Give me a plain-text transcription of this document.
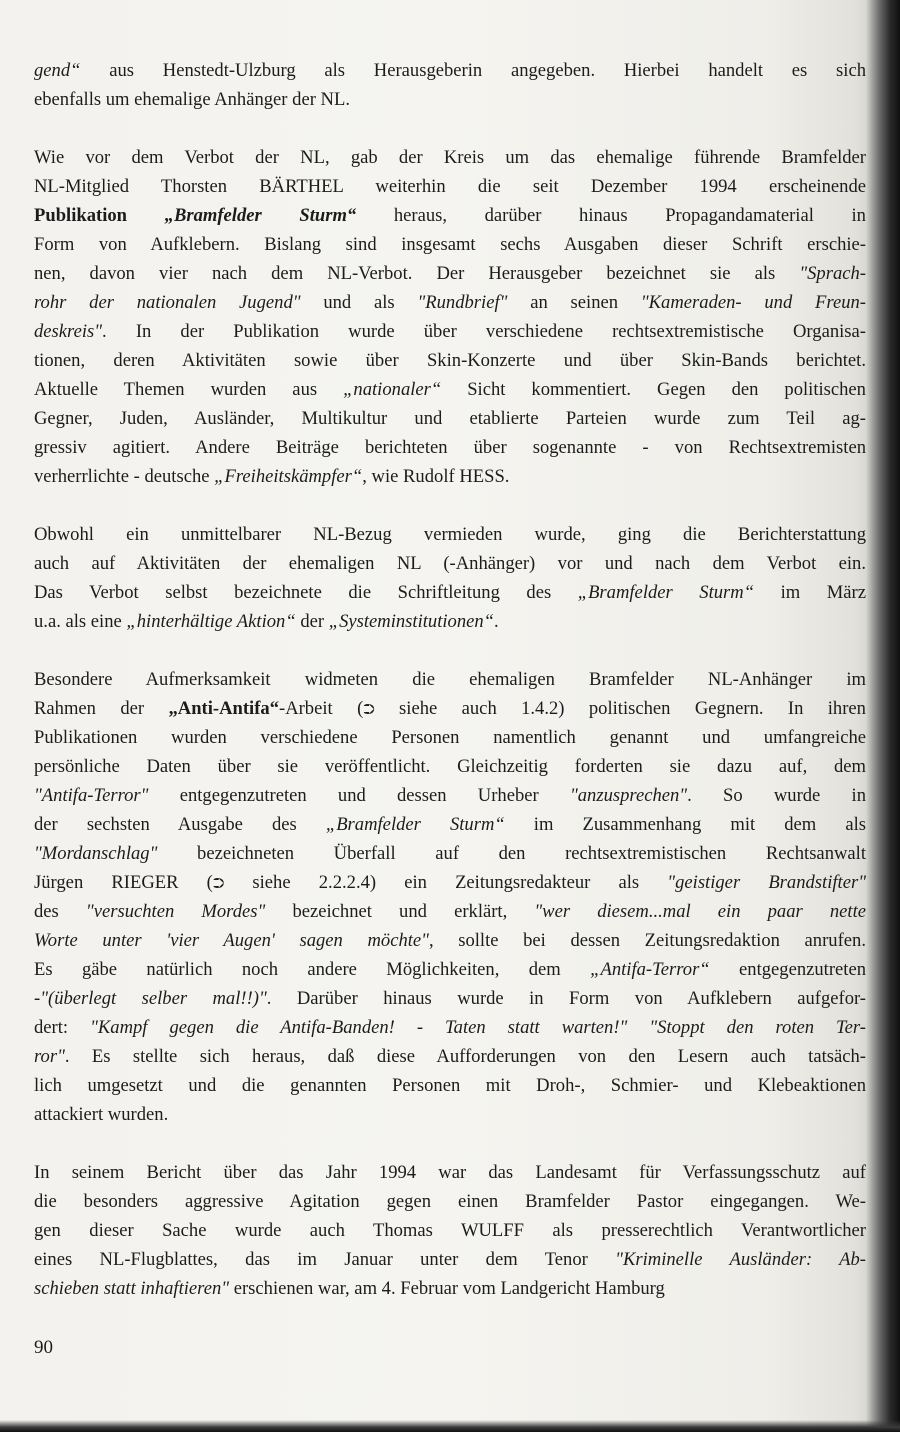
gend“ aus Henstedt-Ulzburg als Herausgeberin angegeben. Hierbei handelt es sich
ebenfalls um ehemalige Anhänger der NL.
Wie vor dem Verbot der NL, gab der Kreis um das ehemalige führende Bramfelder
NL-Mitglied Thorsten BÄRTHEL weiterhin die seit Dezember 1994 erscheinende
Publikation „Bramfelder Sturm“ heraus, darüber hinaus Propagandamaterial in
Form von Aufklebern. Bislang sind insgesamt sechs Ausgaben dieser Schrift erschie-
nen, davon vier nach dem NL-Verbot. Der Herausgeber bezeichnet sie als "Sprach-
rohr der nationalen Jugend" und als "Rundbrief" an seinen "Kameraden- und Freun-
deskreis". In der Publikation wurde über verschiedene rechtsextremistische Organisa-
tionen, deren Aktivitäten sowie über Skin-Konzerte und über Skin-Bands berichtet.
Aktuelle Themen wurden aus „nationaler“ Sicht kommentiert. Gegen den politischen
Gegner, Juden, Ausländer, Multikultur und etablierte Parteien wurde zum Teil ag-
gressiv agitiert. Andere Beiträge berichteten über sogenannte - von Rechtsextremisten
verherrlichte - deutsche „Freiheitskämpfer“, wie Rudolf HESS.
Obwohl ein unmittelbarer NL-Bezug vermieden wurde, ging die Berichterstattung
auch auf Aktivitäten der ehemaligen NL (-Anhänger) vor und nach dem Verbot ein.
Das Verbot selbst bezeichnete die Schriftleitung des „Bramfelder Sturm“ im März
u.a. als eine „hinterhältige Aktion“ der „Systeminstitutionen“.
Besondere Aufmerksamkeit widmeten die ehemaligen Bramfelder NL-Anhänger im
Rahmen der „Anti-Antifa“-Arbeit (⮊ siehe auch 1.4.2) politischen Gegnern. In ihren
Publikationen wurden verschiedene Personen namentlich genannt und umfangreiche
persönliche Daten über sie veröffentlicht. Gleichzeitig forderten sie dazu auf, dem
"Antifa-Terror" entgegenzutreten und dessen Urheber "anzusprechen". So wurde in
der sechsten Ausgabe des „Bramfelder Sturm“ im Zusammenhang mit dem als
"Mordanschlag" bezeichneten Überfall auf den rechtsextremistischen Rechtsanwalt
Jürgen RIEGER (⮊ siehe 2.2.2.4) ein Zeitungsredakteur als "geistiger Brandstifter"
des "versuchten Mordes" bezeichnet und erklärt, "wer diesem...mal ein paar nette
Worte unter 'vier Augen' sagen möchte", sollte bei dessen Zeitungsredaktion anrufen.
Es gäbe natürlich noch andere Möglichkeiten, dem „Antifa-Terror“ entgegenzutreten
-"(überlegt selber mal!!)". Darüber hinaus wurde in Form von Aufklebern aufgefor-
dert: "Kampf gegen die Antifa-Banden! - Taten statt warten!" "Stoppt den roten Ter-
ror". Es stellte sich heraus, daß diese Aufforderungen von den Lesern auch tatsäch-
lich umgesetzt und die genannten Personen mit Droh-, Schmier- und Klebeaktionen
attackiert wurden.
In seinem Bericht über das Jahr 1994 war das Landesamt für Verfassungsschutz auf
die besonders aggressive Agitation gegen einen Bramfelder Pastor eingegangen. We-
gen dieser Sache wurde auch Thomas WULFF als presserechtlich Verantwortlicher
eines NL-Flugblattes, das im Januar unter dem Tenor "Kriminelle Ausländer: Ab-
schieben statt inhaftieren" erschienen war, am 4. Februar vom Landgericht Hamburg
90
